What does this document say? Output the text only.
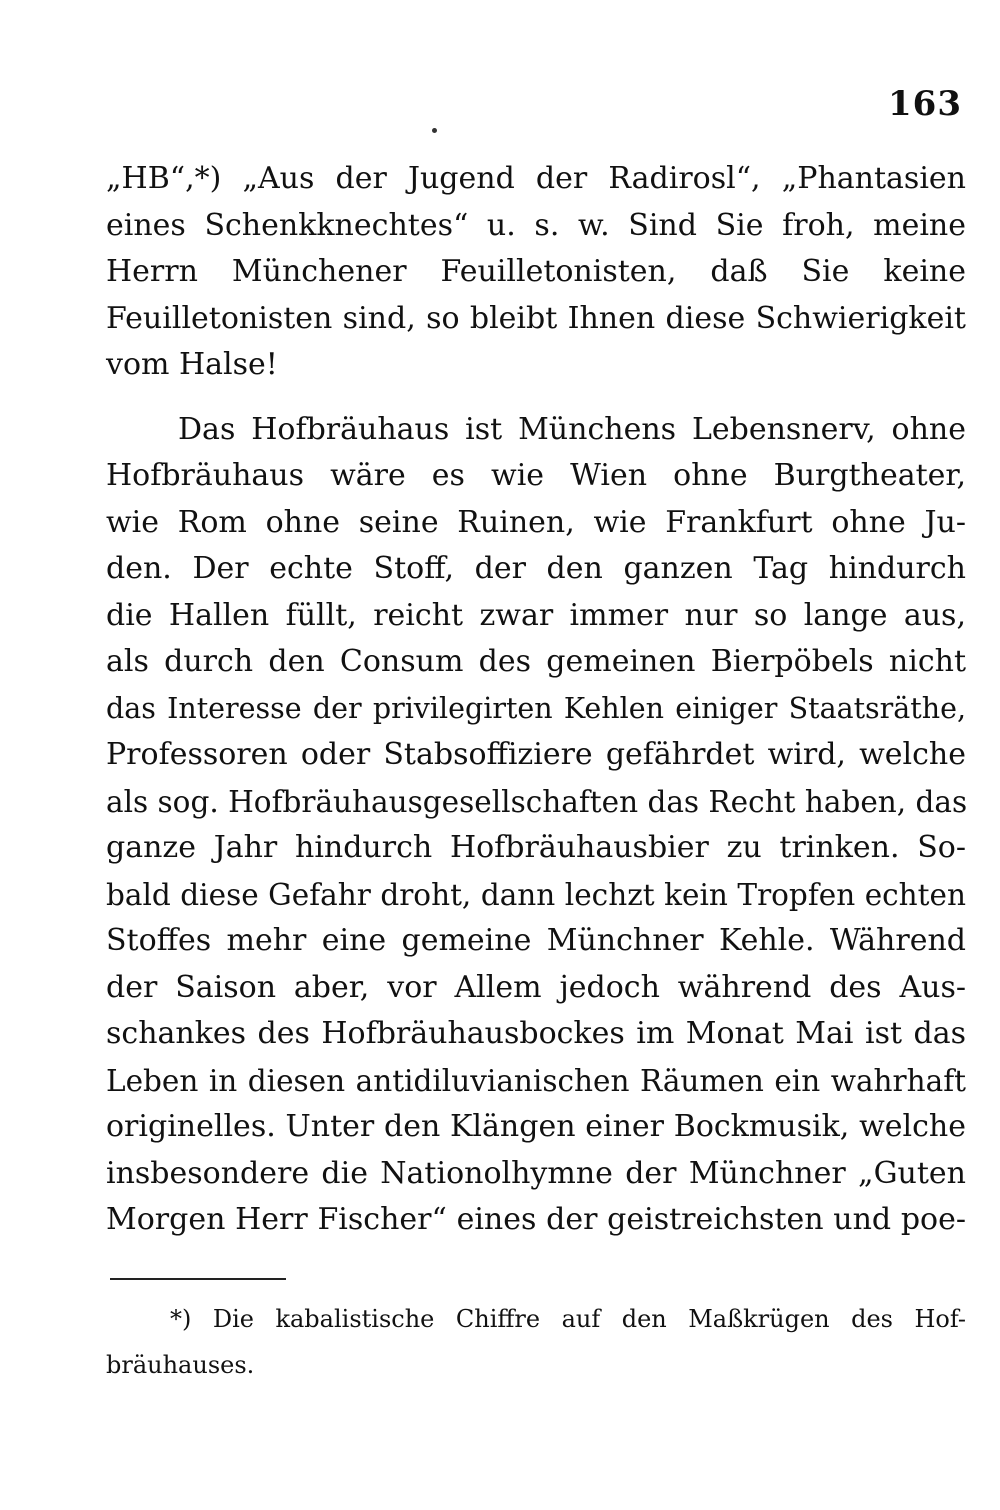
163
„HB“,*) „Aus der Jugend der Radirosl“, „Phantasien
eines Schenkknechtes“ u. s. w. Sind Sie froh, meine
Herrn Münchener Feuilletonisten, daß Sie keine
Feuilletonisten sind, so bleibt Ihnen diese Schwierigkeit
vom Halse!
Das Hofbräuhaus ist Münchens Lebensnerv, ohne
Hofbräuhaus wäre es wie Wien ohne Burgtheater,
wie Rom ohne seine Ruinen, wie Frankfurt ohne Ju-
den. Der echte Stoff, der den ganzen Tag hindurch
die Hallen füllt, reicht zwar immer nur so lange aus,
als durch den Consum des gemeinen Bierpöbels nicht
das Interesse der privilegirten Kehlen einiger Staatsräthe,
Professoren oder Stabsoffiziere gefährdet wird, welche
als sog. Hofbräuhausgesellschaften das Recht haben, das
ganze Jahr hindurch Hofbräuhausbier zu trinken. So-
bald diese Gefahr droht, dann lechzt kein Tropfen echten
Stoffes mehr eine gemeine Münchner Kehle. Während
der Saison aber, vor Allem jedoch während des Aus-
schankes des Hofbräuhausbockes im Monat Mai ist das
Leben in diesen antidiluvianischen Räumen ein wahrhaft
originelles. Unter den Klängen einer Bockmusik, welche
insbesondere die Nationolhymne der Münchner „Guten
Morgen Herr Fischer“ eines der geistreichsten und poe-
*) Die kabalistische Chiffre auf den Maßkrügen des Hof-
bräuhauses.
